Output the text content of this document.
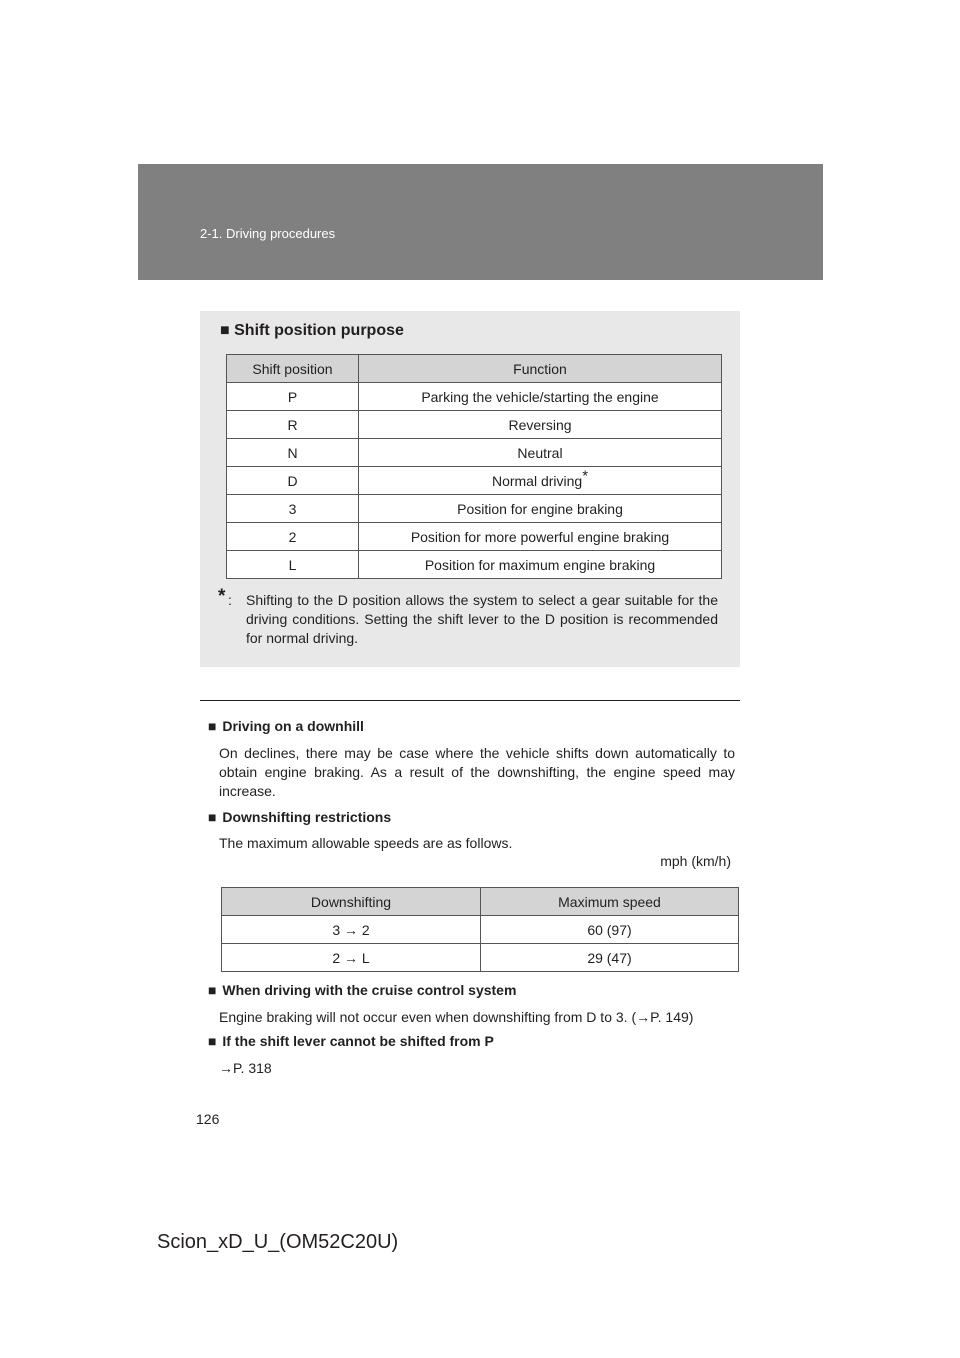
2-1. Driving procedures
■ Shift position purpose
Shift position	Function
P	Parking the vehicle/starting the engine
R	Reversing
N	Neutral
D	Normal driving*
3	Position for engine braking
2	Position for more powerful engine braking
L	Position for maximum engine braking
* : Shifting to the D position allows the system to select a gear suitable for the driving conditions. Setting the shift lever to the D position is recommended for normal driving.
■ Driving on a downhill
On declines, there may be case where the vehicle shifts down automatically to obtain engine braking. As a result of the downshifting, the engine speed may increase.
■ Downshifting restrictions
The maximum allowable speeds are as follows.
mph (km/h)
Downshifting	Maximum speed
3 → 2	60 (97)
2 → L	29 (47)
■ When driving with the cruise control system
Engine braking will not occur even when downshifting from D to 3. (→P. 149)
■ If the shift lever cannot be shifted from P
→P. 318
126
Scion_xD_U_(OM52C20U)
